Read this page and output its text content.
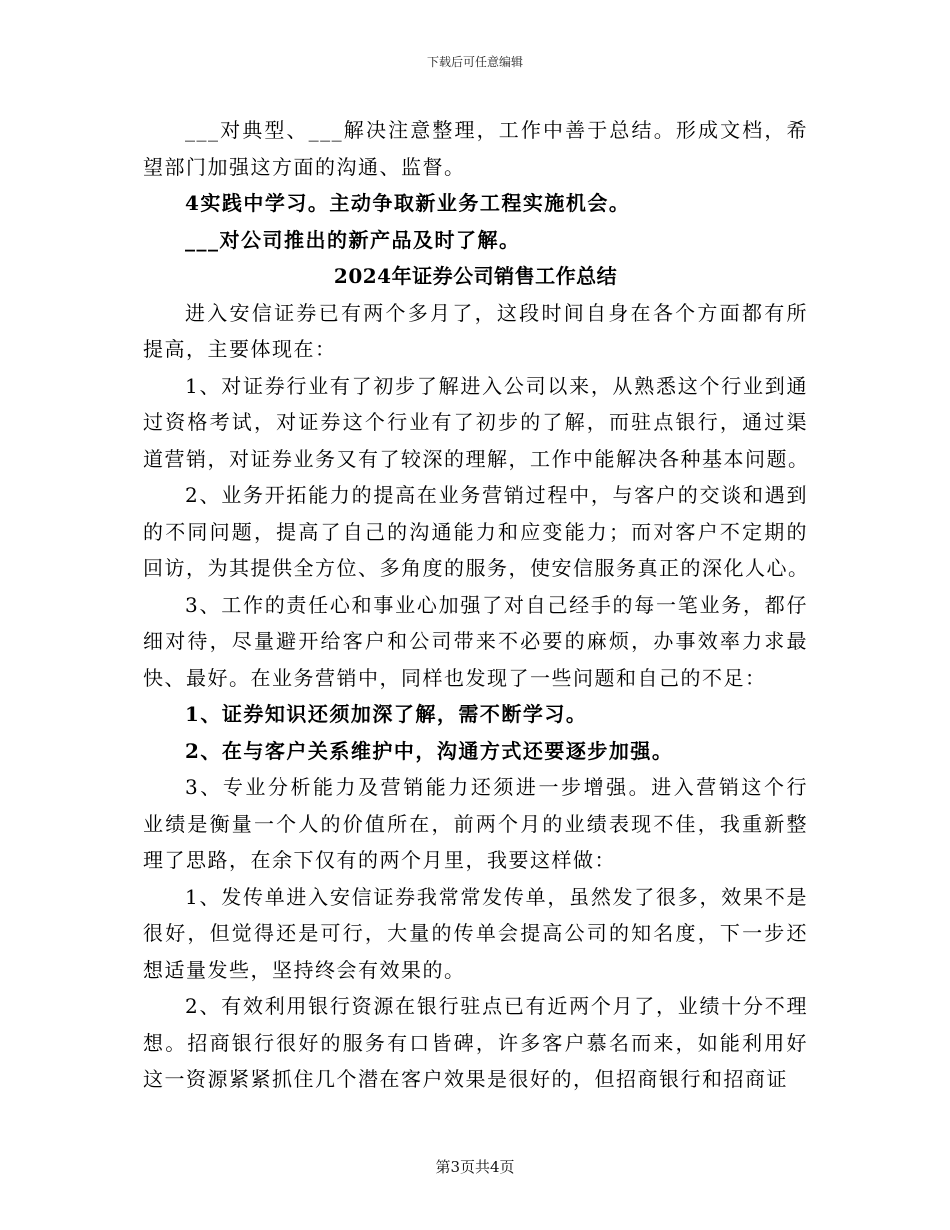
下载后可任意编辑
___对典型、___解决注意整理，工作中善于总结。形成文档，希
望部门加强这方面的沟通、监督。
4实践中学习。主动争取新业务工程实施机会。
___对公司推出的新产品及时了解。
2024年证券公司销售工作总结
进入安信证券已有两个多月了，这段时间自身在各个方面都有所
提高，主要体现在：
1、对证券行业有了初步了解进入公司以来，从熟悉这个行业到通
过资格考试，对证券这个行业有了初步的了解，而驻点银行，通过渠
道营销，对证券业务又有了较深的理解，工作中能解决各种基本问题。
2、业务开拓能力的提高在业务营销过程中，与客户的交谈和遇到
的不同问题，提高了自己的沟通能力和应变能力；而对客户不定期的
回访，为其提供全方位、多角度的服务，使安信服务真正的深化人心。
3、工作的责任心和事业心加强了对自己经手的每一笔业务，都仔
细对待，尽量避开给客户和公司带来不必要的麻烦，办事效率力求最
快、最好。在业务营销中，同样也发现了一些问题和自己的不足：
1、证券知识还须加深了解，需不断学习。
2、在与客户关系维护中，沟通方式还要逐步加强。
3、专业分析能力及营销能力还须进一步增强。进入营销这个行
业绩是衡量一个人的价值所在，前两个月的业绩表现不佳，我重新整
理了思路，在余下仅有的两个月里，我要这样做：
1、发传单进入安信证券我常常发传单，虽然发了很多，效果不是
很好，但觉得还是可行，大量的传单会提高公司的知名度，下一步还
想适量发些，坚持终会有效果的。
2、有效利用银行资源在银行驻点已有近两个月了，业绩十分不理
想。招商银行很好的服务有口皆碑，许多客户慕名而来，如能利用好
这一资源紧紧抓住几个潜在客户效果是很好的，但招商银行和招商证
第3页共4页
